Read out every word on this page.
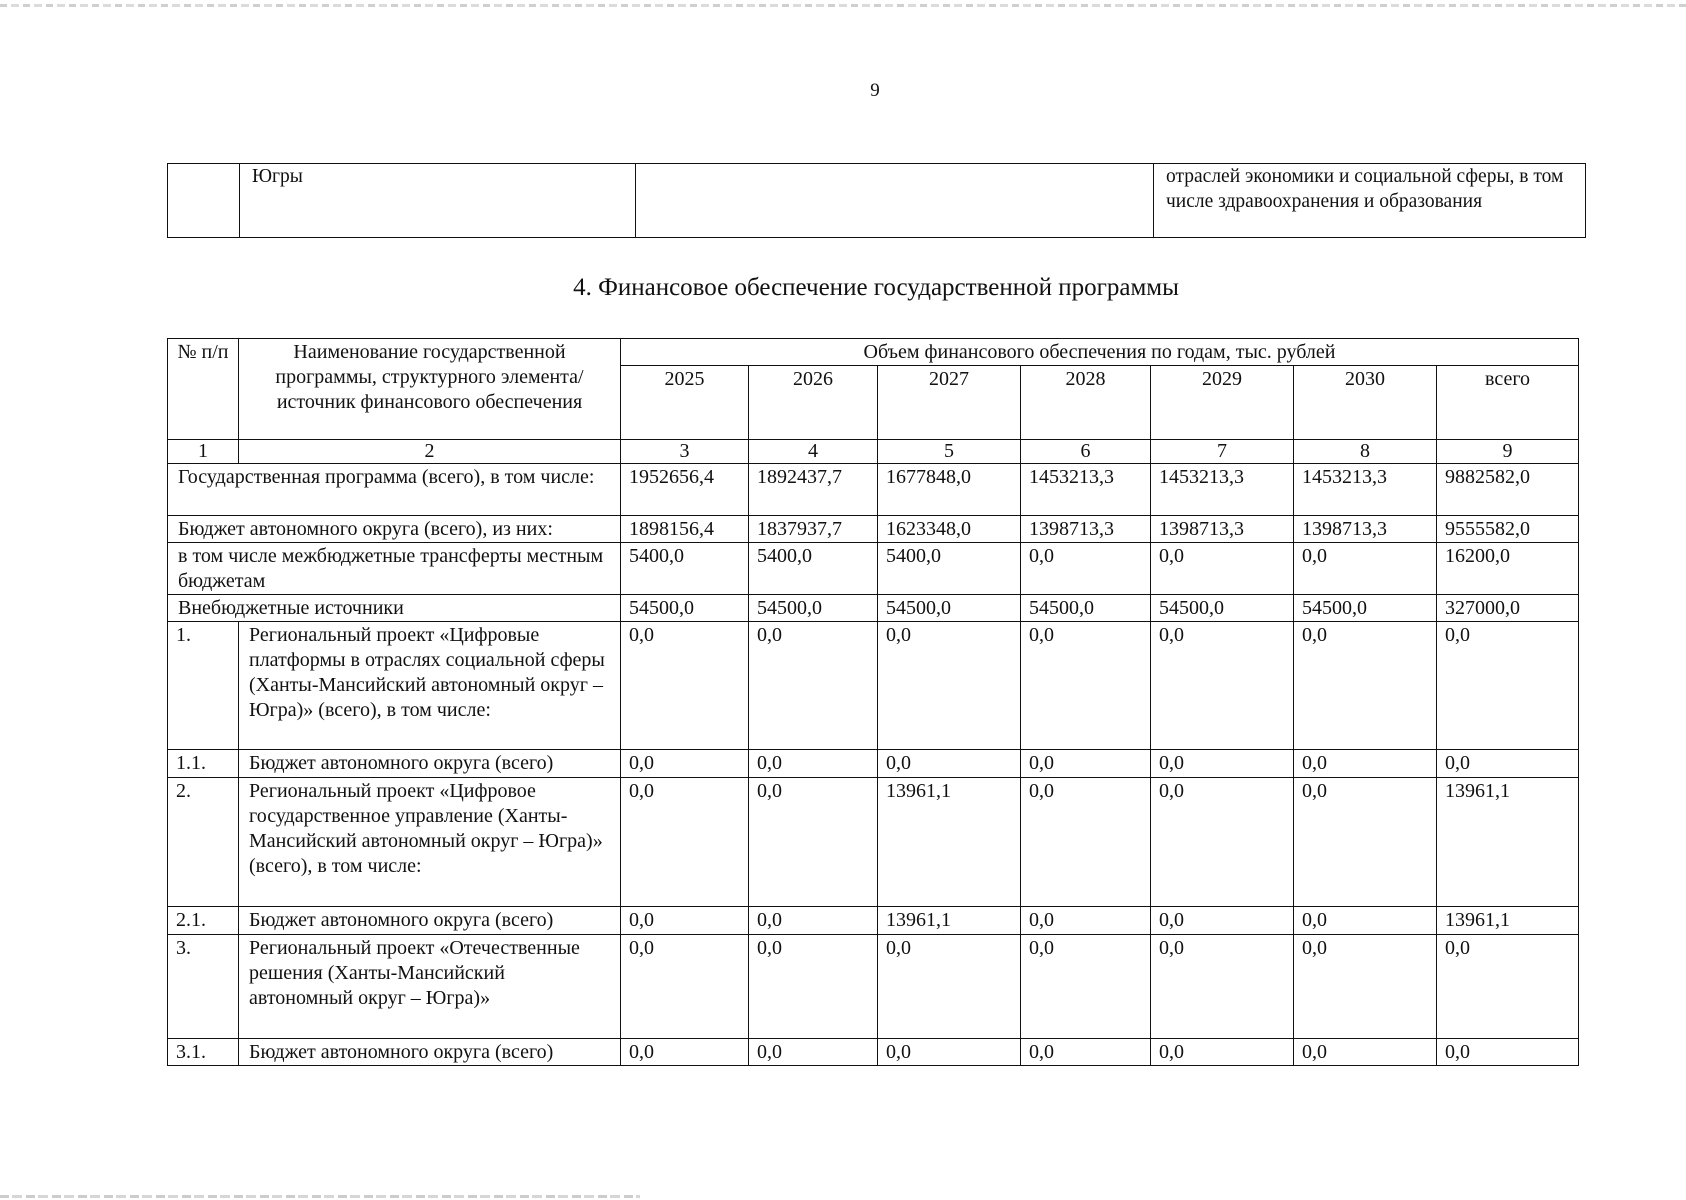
9
	Югры		отраслей экономики и социальной сферы, в том числе здравоохранения и образования
4. Финансовое обеспечение государственной программы
№ п/п	Наименование государственной программы, структурного элемента/источник финансового обеспечения	Объем финансового обеспечения по годам, тыс. рублей						
		2025	2026	2027	2028	2029	2030	всего
1	2	3	4	5	6	7	8	9
Государственная программа (всего), в том числе:		1952656,4	1892437,7	1677848,0	1453213,3	1453213,3	1453213,3	9882582,0
Бюджет автономного округа (всего), из них:		1898156,4	1837937,7	1623348,0	1398713,3	1398713,3	1398713,3	9555582,0
в том числе межбюджетные трансферты местным бюджетам		5400,0	5400,0	5400,0	0,0	0,0	0,0	16200,0
Внебюджетные источники		54500,0	54500,0	54500,0	54500,0	54500,0	54500,0	327000,0
1.	Региональный проект «Цифровые платформы в отраслях социальной сферы (Ханты-Мансийский автономный округ – Югра)» (всего), в том числе:	0,0	0,0	0,0	0,0	0,0	0,0	0,0
1.1.	Бюджет автономного округа (всего)	0,0	0,0	0,0	0,0	0,0	0,0	0,0
2.	Региональный проект «Цифровое государственное управление (Ханты-Мансийский автономный округ – Югра)» (всего), в том числе:	0,0	0,0	13961,1	0,0	0,0	0,0	13961,1
2.1.	Бюджет автономного округа (всего)	0,0	0,0	13961,1	0,0	0,0	0,0	13961,1
3.	Региональный проект «Отечественные решения (Ханты-Мансийский автономный округ – Югра)»	0,0	0,0	0,0	0,0	0,0	0,0	0,0
3.1.	Бюджет автономного округа (всего)	0,0	0,0	0,0	0,0	0,0	0,0	0,0
